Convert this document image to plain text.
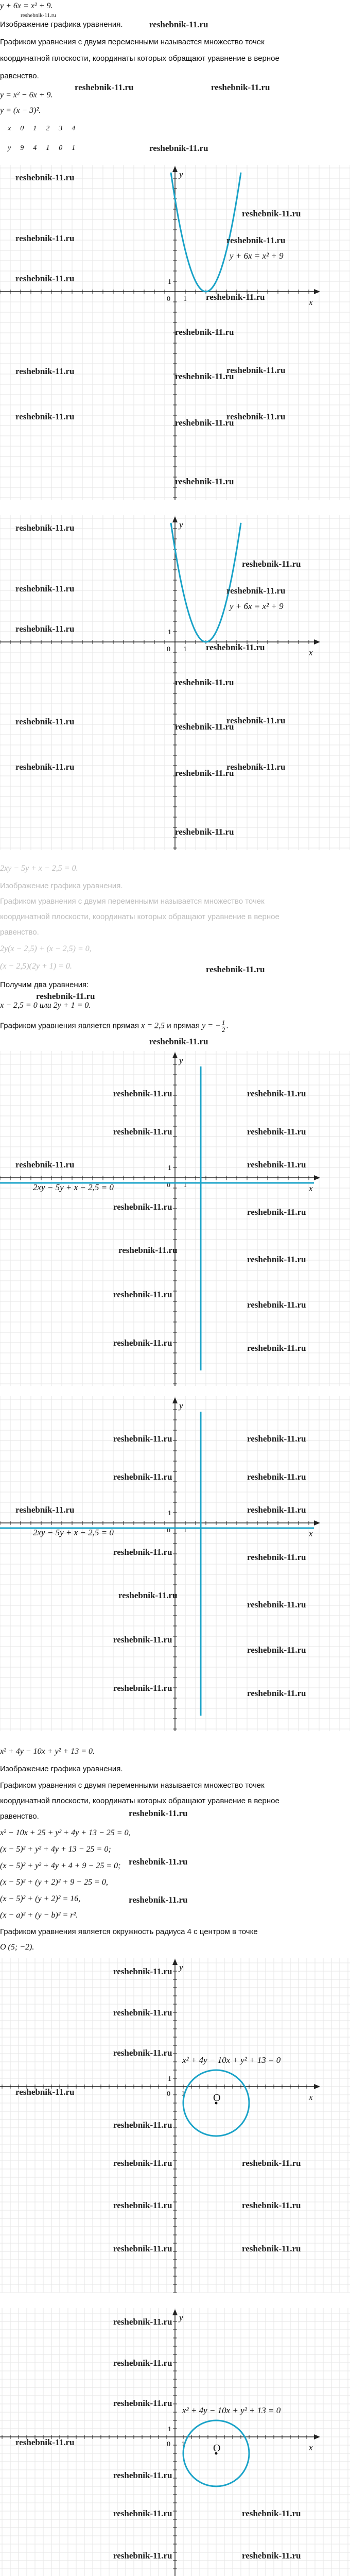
y + 6x = x² + 9.
reshebnik-11.ru
Изображение графика уравнения.	reshebnik-11.ru
Графиком уравнения с двумя переменными называется множество точек
координатной плоскости, координаты которых обращают уравнение в верное
равенство.
reshebnik-11.ru	reshebnik-11.ru
y = x² − 6x + 9.
y = (x − 3)².
x	0	1	2	3	4

y	9	4	1	0	1	reshebnik-11.ru
x
y
0 1
1
y + 6x = x² + 9
reshebnik-11.ru
reshebnik-11.ru
reshebnik-11.ru
reshebnik-11.ru
reshebnik-11.ru
reshebnik-11.ru
reshebnik-11.ru
reshebnik-11.ru
reshebnik-11.ru
reshebnik-11.ru
reshebnik-11.ru
reshebnik-11.ru
reshebnik-11.ru
reshebnik-11.ru
x
y
0 1
1
y + 6x = x² + 9
reshebnik-11.ru
reshebnik-11.ru
reshebnik-11.ru
reshebnik-11.ru
reshebnik-11.ru
reshebnik-11.ru
reshebnik-11.ru
reshebnik-11.ru
reshebnik-11.ru
reshebnik-11.ru
reshebnik-11.ru
reshebnik-11.ru
reshebnik-11.ru
reshebnik-11.ru
2xy − 5y + x − 2,5 = 0.
Изображение графика уравнения.
Графиком уравнения с двумя переменными называется множество точек
координатной плоскости, координаты которых обращают уравнение в верное
равенство.
2y(x − 2,5) + (x − 2,5) = 0,
(x − 2,5)(2y + 1) = 0.
Получим два уравнения:
reshebnik-11.ru
reshebnik-11.ru
x − 2,5 = 0 или 2y + 1 = 0.
Графиком уравнения является прямая x = 2,5 и прямая y = − $\frac{1}{2}$ .
reshebnik-11.ru
x
y
0 1
1
2xy − 5y + x − 2,5 = 0
reshebnik-11.ru
reshebnik-11.ru
reshebnik-11.ru
reshebnik-11.ru
reshebnik-11.ru	reshebnik-11.ru
reshebnik-11.ru
reshebnik-11.ru
reshebnik-11.ru
reshebnik-11.ru
reshebnik-11.ru
reshebnik-11.ru
reshebnik-11.ru
reshebnik-11.ru
x
y
0 1
1
2xy − 5y + x − 2,5 = 0
reshebnik-11.ru
reshebnik-11.ru
reshebnik-11.ru
reshebnik-11.ru
reshebnik-11.ru	reshebnik-11.ru
reshebnik-11.ru
reshebnik-11.ru
reshebnik-11.ru
reshebnik-11.ru
reshebnik-11.ru
reshebnik-11.ru
reshebnik-11.ru
reshebnik-11.ru
x² + 4y − 10x + y² + 13 = 0.
Изображение графика уравнения.
Графиком уравнения с двумя переменными называется множество точек
координатной плоскости, координаты которых обращают уравнение в верное
равенство.
x² − 10x + 25 + y² + 4y + 13 − 25 = 0,
(x − 5)² + y² + 4y + 13 − 25 = 0;
(x − 5)² + y² + 4y + 4 + 9 − 25 = 0;
(x − 5)² + (y + 2)² + 9 − 25 = 0,
(x − 5)² + (y + 2)² = 16,
(x − a)² + (y − b)² = r².
Графиком уравнения является окружность радиуса 4 с центром в точке
O (5; −2).
reshebnik-11.ru
reshebnik-11.ru
reshebnik-11.ru
x
y
0 1
1
O
x² + 4y − 10x + y² + 13 = 0
reshebnik-11.ru
reshebnik-11.ru
reshebnik-11.ru
reshebnik-11.ru
reshebnik-11.ru
reshebnik-11.ru	reshebnik-11.ru
reshebnik-11.ru	reshebnik-11.ru
reshebnik-11.ru	reshebnik-11.ru
x
y
0 1
1
O
x² + 4y − 10x + y² + 13 = 0
reshebnik-11.ru
reshebnik-11.ru
reshebnik-11.ru
reshebnik-11.ru
reshebnik-11.ru
reshebnik-11.ru	reshebnik-11.ru
reshebnik-11.ru	reshebnik-11.ru
